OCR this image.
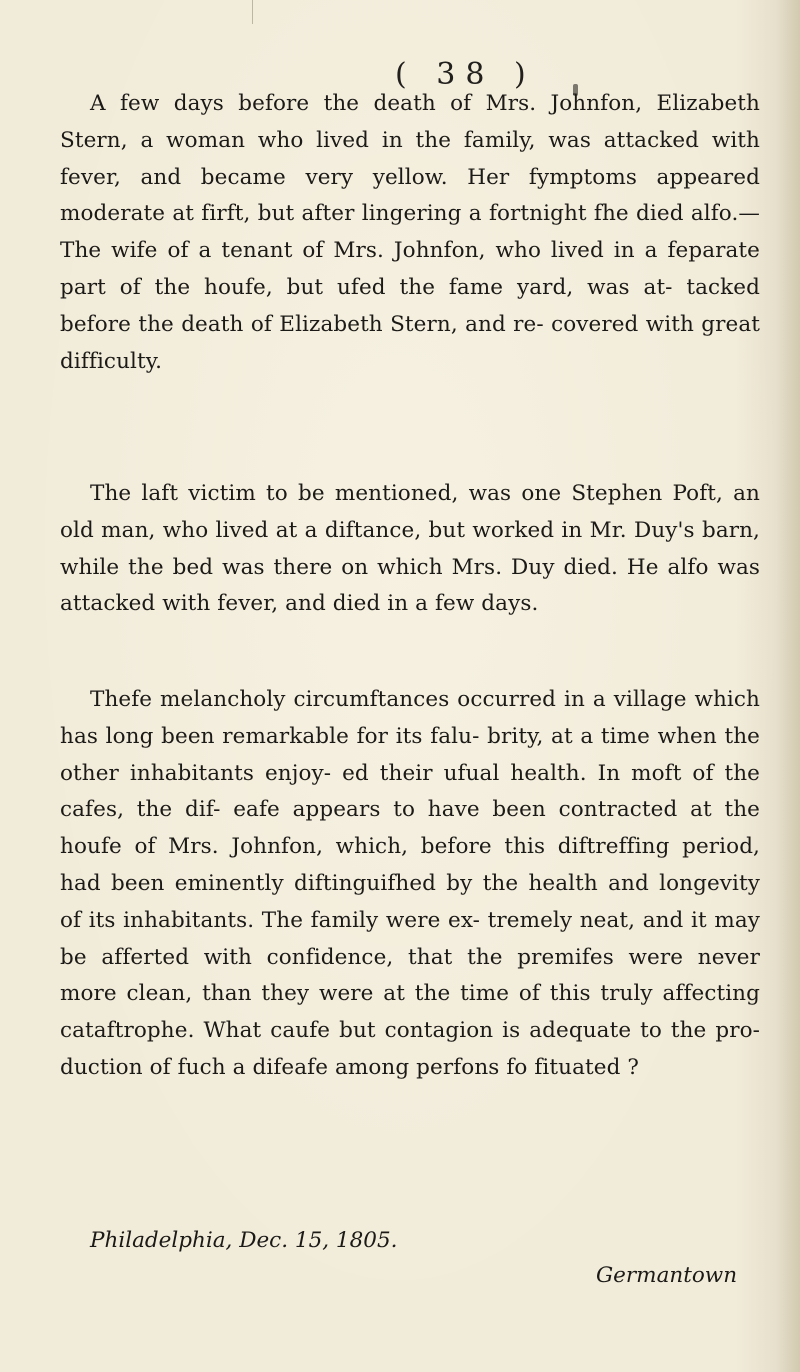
( 38 )

A few days before the death of Mrs. Johnfon, Elizabeth Stern, a woman who lived in the family, was attacked with fever, and became very yellow. Her fymptoms appeared moderate at firft, but after lingering a fortnight fhe died alfo.—The wife of a tenant of Mrs. Johnfon, who lived in a feparate part of the houfe, but ufed the fame yard, was at- tacked before the death of Elizabeth Stern, and re- covered with great difficulty.

The laft victim to be mentioned, was one Stephen Poft, an old man, who lived at a diftance, but worked in Mr. Duy's barn, while the bed was there on which Mrs. Duy died. He alfo was attacked with fever, and died in a few days.

Thefe melancholy circumftances occurred in a village which has long been remarkable for its falu- brity, at a time when the other inhabitants enjoy- ed their ufual health. In moft of the cafes, the dif- eafe appears to have been contracted at the houfe of Mrs. Johnfon, which, before this diftreffing period, had been eminently diftinguifhed by the health and longevity of its inhabitants. The family were ex- tremely neat, and it may be afferted with confidence, that the premifes were never more clean, than they were at the time of this truly affecting cataftrophe. What caufe but contagion is adequate to the pro- duction of fuch a difeafe among perfons fo fituated ?

Philadelphia, Dec. 15, 1805.
Germantown
